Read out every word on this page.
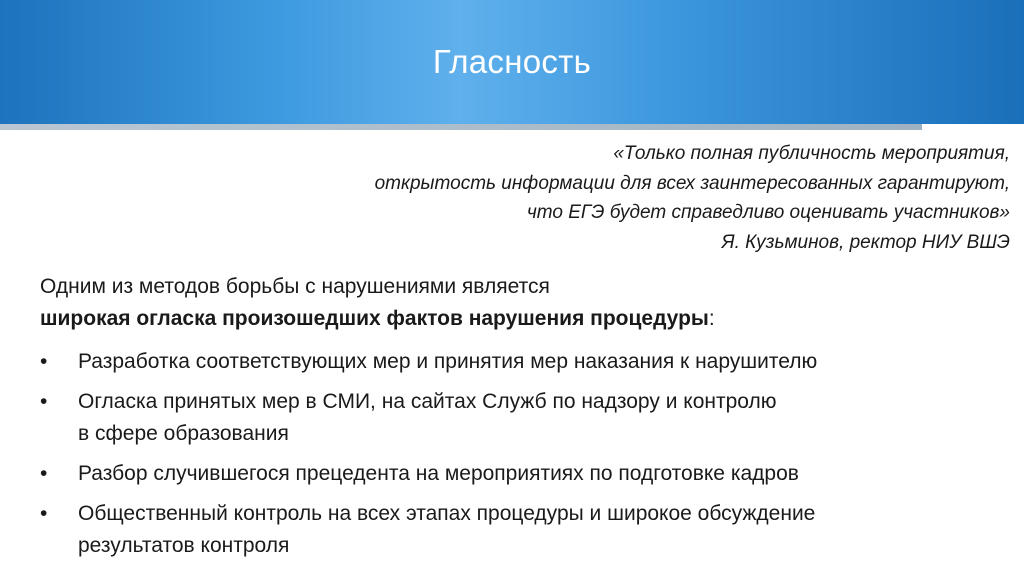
Гласность
«Только полная публичность мероприятия,
открытость информации для всех заинтересованных гарантируют,
что ЕГЭ будет справедливо оценивать участников»
Я. Кузьминов, ректор НИУ ВШЭ
Одним из методов борьбы с нарушениями является
широкая огласка произошедших фактов нарушения процедуры:
•	Разработка соответствующих мер и принятия мер наказания к нарушителю
•	Огласка принятых мер в СМИ, на сайтах Служб по надзору и контролю
в сфере образования
•	Разбор случившегося прецедента на мероприятиях по подготовке кадров
•	Общественный контроль на всех этапах процедуры и широкое обсуждение
результатов контроля
